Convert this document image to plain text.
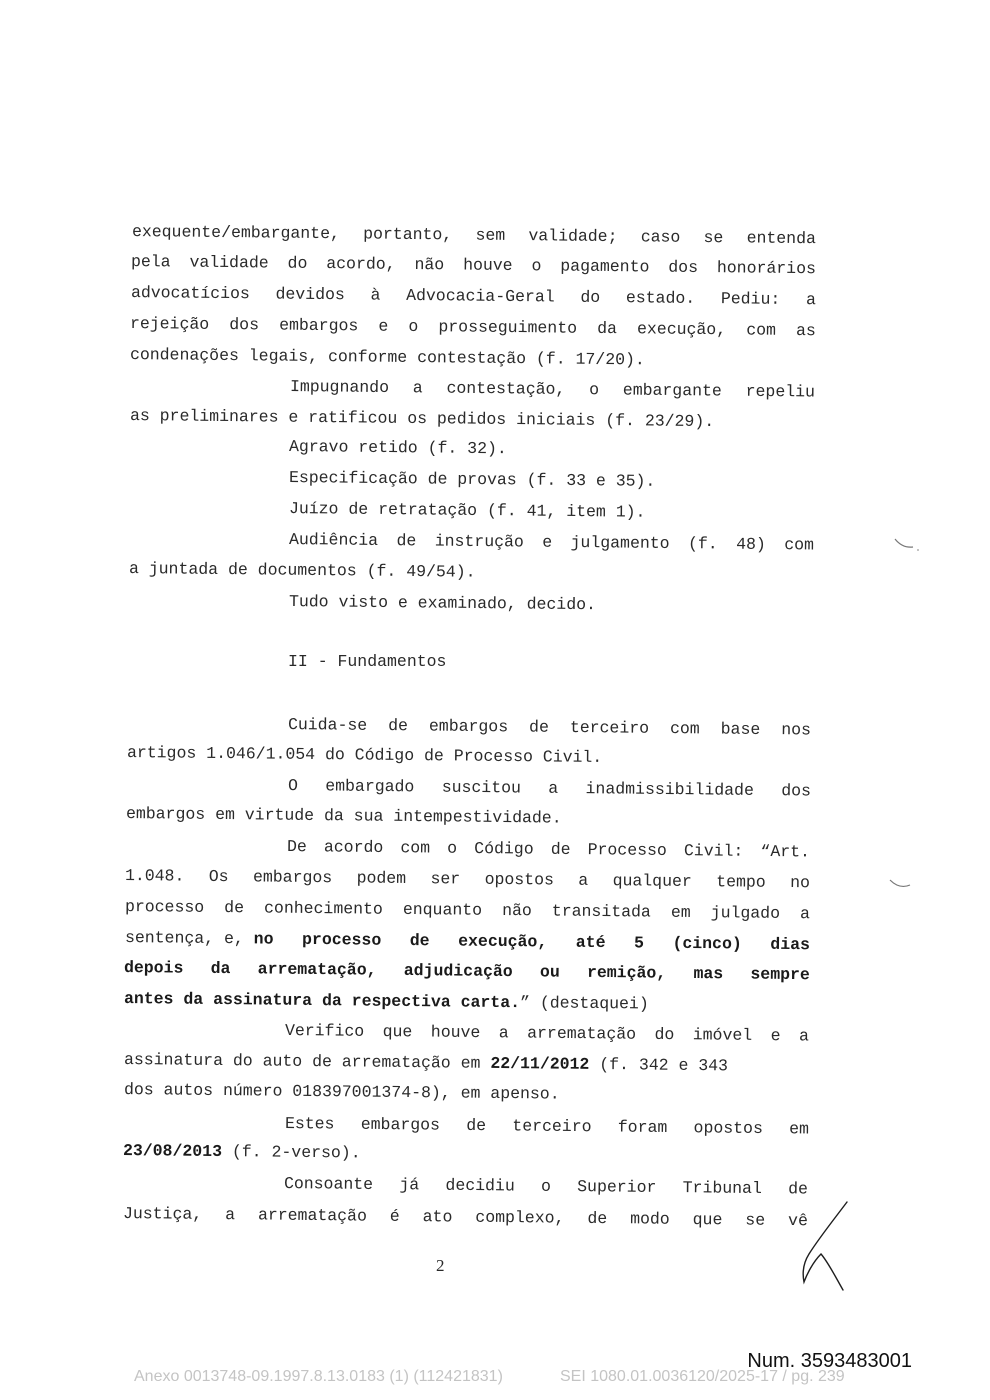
exequente/embargante, portanto, sem validade; caso se entenda
pela validade do acordo, não houve o pagamento dos honorários
advocatícios devidos à Advocacia-Geral do estado. Pediu: a
rejeição dos embargos e o prosseguimento da execução, com as
condenações legais, conforme contestação (f. 17/20).
Impugnando a contestação, o embargante repeliu
as preliminares e ratificou os pedidos iniciais (f. 23/29).
Agravo retido (f. 32).
Especificação de provas (f. 33 e 35).
Juízo de retratação (f. 41, item 1).
Audiência de instrução e julgamento (f. 48) com
a juntada de documentos (f. 49/54).
Tudo visto e examinado, decido.
II - Fundamentos
Cuida-se de embargos de terceiro com base nos
artigos 1.046/1.054 do Código de Processo Civil.
O embargado suscitou a inadmissibilidade dos
embargos em virtude da sua intempestividade.
De acordo com o Código de Processo Civil: “Art.
1.048. Os embargos podem ser opostos a qualquer tempo no
processo de conhecimento enquanto não transitada em julgado a
sentença, e, no processo de execução, até 5 (cinco) dias
depois da arrematação, adjudicação ou remição, mas sempre
antes da assinatura da respectiva carta. ” (destaquei)
Verifico que houve a arrematação do imóvel e a
assinatura do auto de arrematação em 22/11/2012 (f. 342 e 343
dos autos número 018397001374-8), em apenso.
Estes embargos de terceiro foram opostos em
23/08/2013 (f. 2-verso).
Consoante já decidiu o Superior Tribunal de
Justiça, a arrematação é ato complexo, de modo que se vê
2
Num. 3593483001
Anexo 0013748-09.1997.8.13.0183 (1) (112421831)	SEI 1080.01.0036120/2025-17 / pg. 239
